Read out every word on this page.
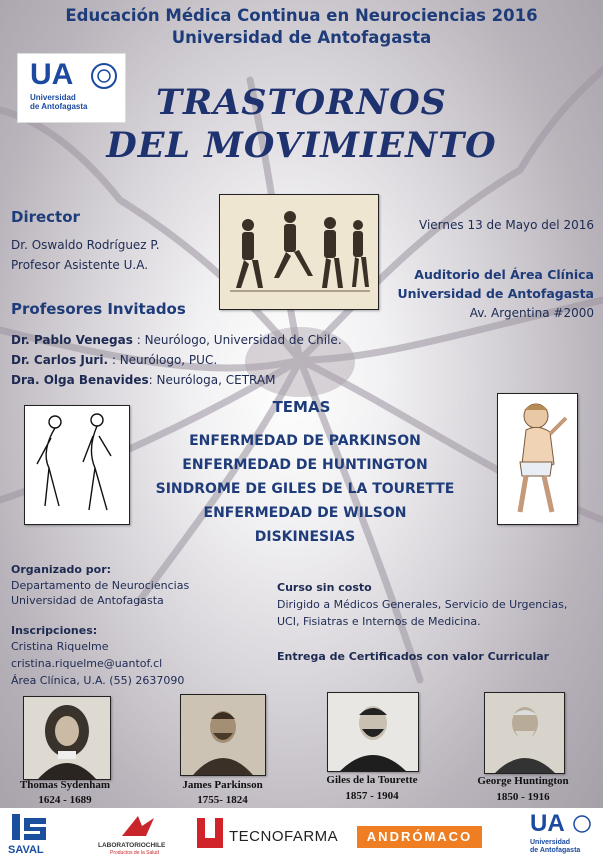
Educación Médica Continua en Neurociencias 2016
Universidad de Antofagasta
UA
Universidad
de Antofagasta	TRASTORNOS
DEL MOVIMIENTO
Director
Dr. Oswaldo Rodríguez P.
Profesor Asistente U.A.
Viernes 13 de Mayo del 2016
Auditorio del Área Clínica
Universidad de Antofagasta
Av. Argentina #2000
Profesores Invitados
Dr. Pablo Venegas : Neurólogo, Universidad de Chile.
Dr. Carlos Juri. : Neurólogo, PUC.
Dra. Olga Benavides: Neuróloga, CETRAM
TEMAS
ENFERMEDAD DE PARKINSON
ENFERMEDAD DE HUNTINGTON
SINDROME DE GILES DE LA TOURETTE
ENFERMEDAD DE WILSON
DISKINESIAS
Organizado por:
Departamento de Neurociencias
Universidad de Antofagasta
Inscripciones:
Cristina Riquelme
cristina.riquelme@uantof.cl
Área Clínica, U.A. (55) 2637090
Curso sin costo
Dirigido a Médicos Generales, Servicio de Urgencias,
UCI, Fisiatras e Internos de Medicina.
Entrega de Certificados con valor Curricular
Thomas Sydenham
1624 - 1689
James Parkinson
1755- 1824
Giles de la Tourette
1857 - 1904
George Huntington
1850 - 1916
SAVAL	LABORATORIOCHILE
Productos de la Salud
TECNOFARMA	ANDRÓMACO	UA
Universidad
de Antofagasta
